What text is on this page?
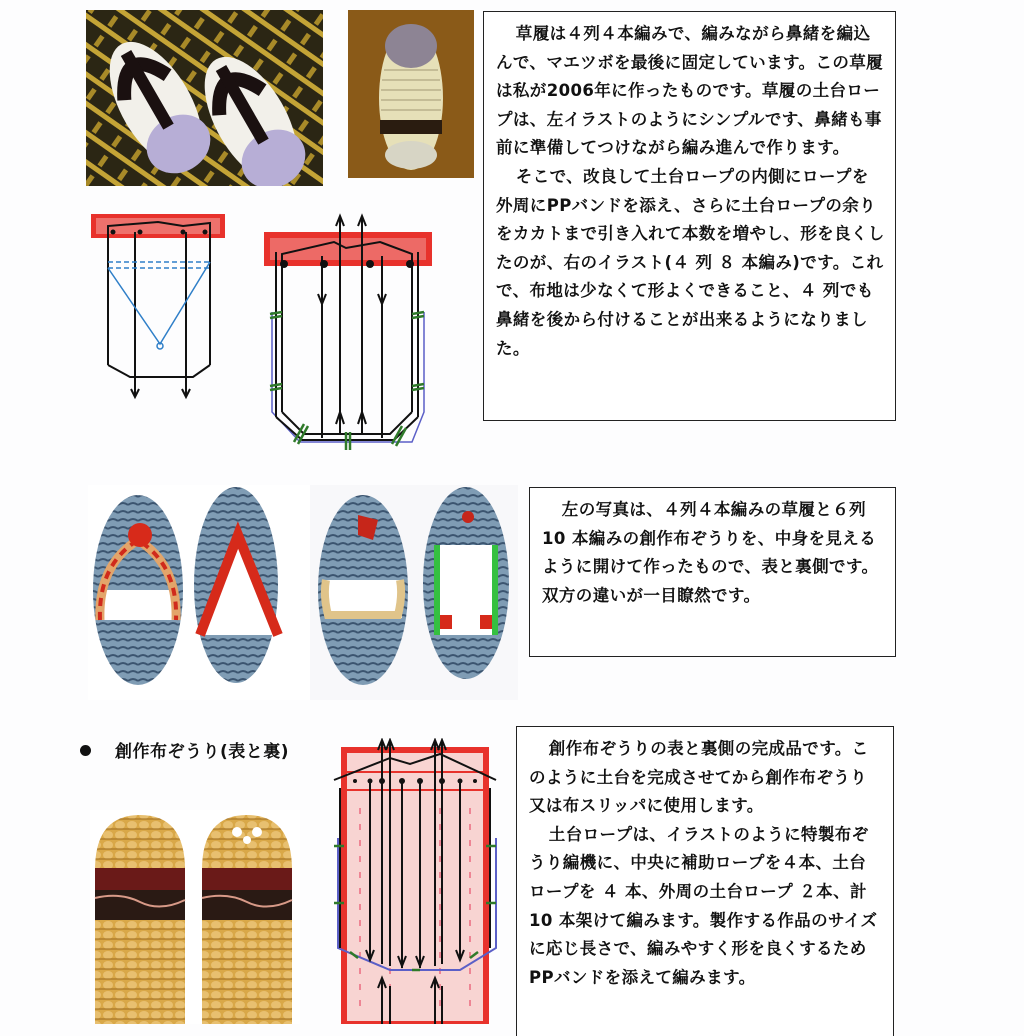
草履は４列４本編みで、編みながら鼻緒を編込んで、マエツボを最後に固定しています。この草履は私が2006年に作ったものです。草履の土台ロープは、左イラストのようにシンプルです、鼻緒も事前に準備してつけながら編み進んで作ります。

そこで、改良して土台ロープの内側にロープを外周にPPバンドを添え、さらに土台ロープの余りをカカトまで引き入れて本数を増やし、形を良くしたのが、右のイラスト(４ 列 ８ 本編み)です。これで、布地は少なくて形よくできること、４ 列でも鼻緒を後から付けることが出来るようになりました。

左の写真は、４列４本編みの草履と６列 10 本編みの創作布ぞうりを、中身を見えるように開けて作ったもので、表と裏側です。双方の違いが一目瞭然です。

創作布ぞうり(表と裏)	創作布ぞうりの表と裏側の完成品です。このように土台を完成させてから創作布ぞうり又は布スリッパに使用します。

土台ロープは、イラストのように特製布ぞうり編機に、中央に補助ロープを４本、土台ロープを ４ 本、外周の土台ロープ ２本、計 10 本架けて編みます。製作する作品のサイズに応じ長さで、編みやすく形を良くするためPPバンドを添えて編みます。
